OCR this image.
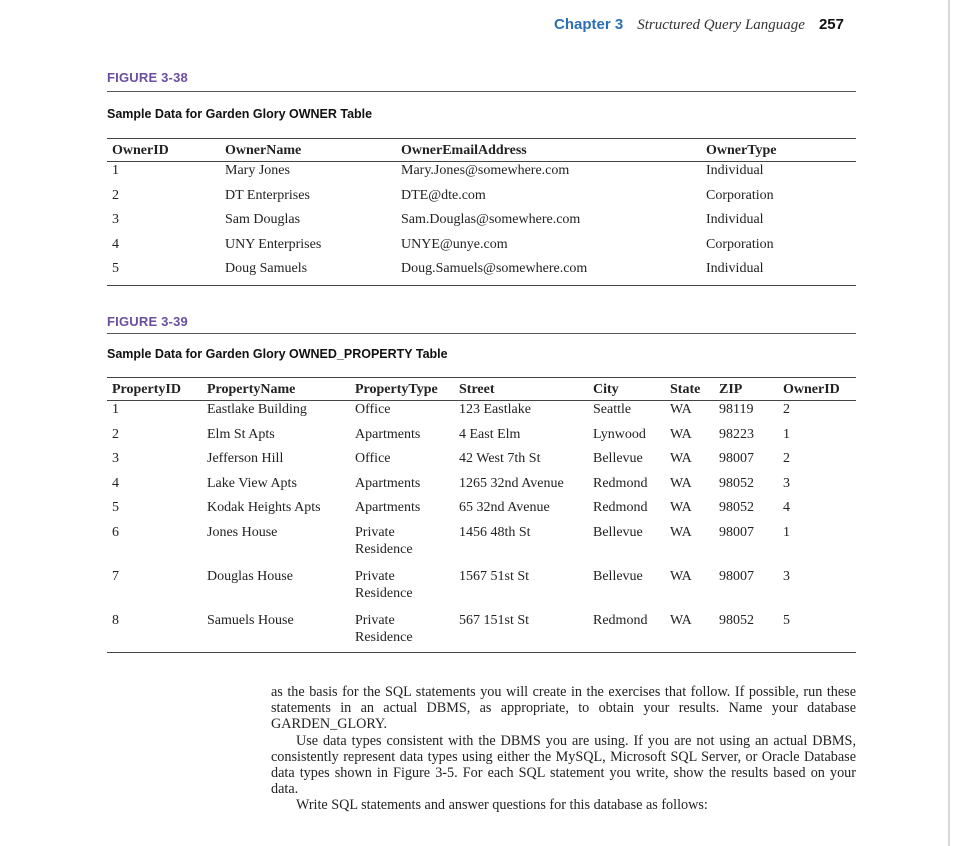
Chapter 3 Structured Query Language 257
FIGURE 3-38
Sample Data for Garden Glory OWNER Table
OwnerID	OwnerName	OwnerEmailAddress	OwnerType
1	Mary Jones	Mary.Jones@somewhere.com	Individual
2	DT Enterprises	DTE@dte.com	Corporation
3	Sam Douglas	Sam.Douglas@somewhere.com	Individual
4	UNY Enterprises	UNYE@unye.com	Corporation
5	Doug Samuels	Doug.Samuels@somewhere.com	Individual
FIGURE 3-39
Sample Data for Garden Glory OWNED_PROPERTY Table
PropertyID	PropertyName	PropertyType	Street	City	State	ZIP	OwnerID
1	Eastlake Building	Office	123 Eastlake	Seattle	WA	98119	2
2	Elm St Apts	Apartments	4 East Elm	Lynwood	WA	98223	1
3	Jefferson Hill	Office	42 West 7th St	Bellevue	WA	98007	2
4	Lake View Apts	Apartments	1265 32nd Avenue	Redmond	WA	98052	3
5	Kodak Heights Apts	Apartments	65 32nd Avenue	Redmond	WA	98052	4
6	Jones House	Private Residence	1456 48th St	Bellevue	WA	98007	1
7	Douglas House	Private Residence	1567 51st St	Bellevue	WA	98007	3
8	Samuels House	Private Residence	567 151st St	Redmond	WA	98052	5

as the basis for the SQL statements you will create in the exercises that follow. If possible, run these statements in an actual DBMS, as appropriate, to obtain your results. Name your database GARDEN_GLORY.

Use data types consistent with the DBMS you are using. If you are not using an actual DBMS, consistently represent data types using either the MySQL, Microsoft SQL Server, or Oracle Database data types shown in Figure 3-5. For each SQL statement you write, show the results based on your data.

Write SQL statements and answer questions for this database as follows:
